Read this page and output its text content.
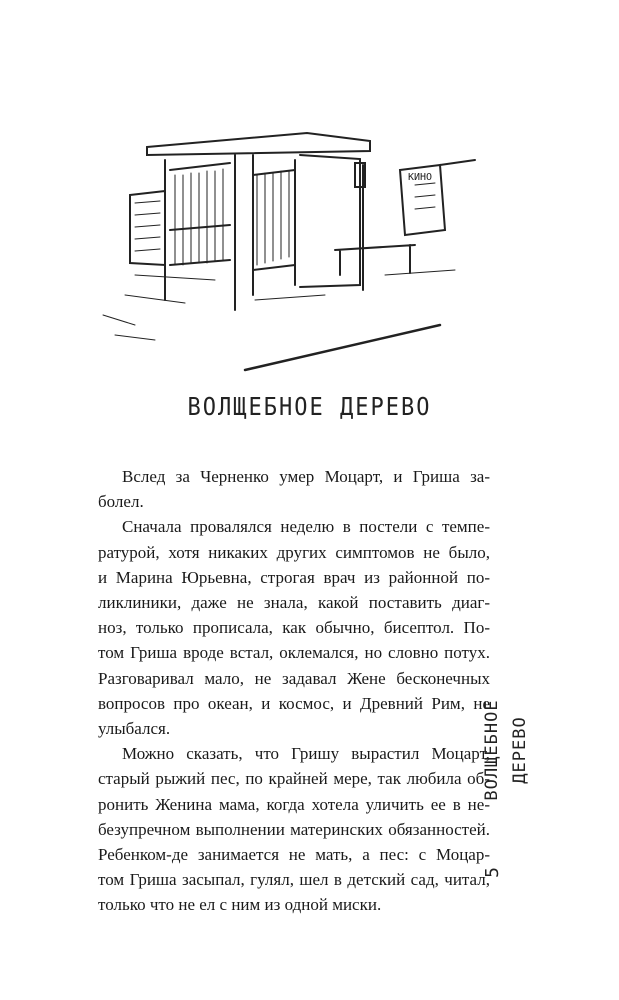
КИНО
ВОЛЩЕБНОЕ ДЕРЕВО
Вслед за Черненко умер Моцарт, и Гриша за-
болел.
Сначала провалялся неделю в постели с темпе-
ратурой, хотя никаких других симптомов не было,
и Марина Юрьевна, строгая врач из районной по-
ликлиники, даже не знала, какой поставить диаг-
ноз, только прописала, как обычно, бисептол. По-
том Гриша вроде встал, оклемался, но словно потух.
Разговаривал мало, не задавал Жене бесконечных
вопросов про океан, и космос, и Древний Рим, не
улыбался.
Можно сказать, что Гришу вырастил Моцарт,
старый рыжий пес, по крайней мере, так любила об-
ронить Женина мама, когда хотела уличить ее в не-
безупречном выполнении материнских обязанностей.
Ребенком-де занимается не мать, а пес: с Моцар-
том Гриша засыпал, гулял, шел в детский сад, читал,
только что не ел с ним из одной миски.
ВОЛЩЕБНОЕ ДЕРЕВО
5
